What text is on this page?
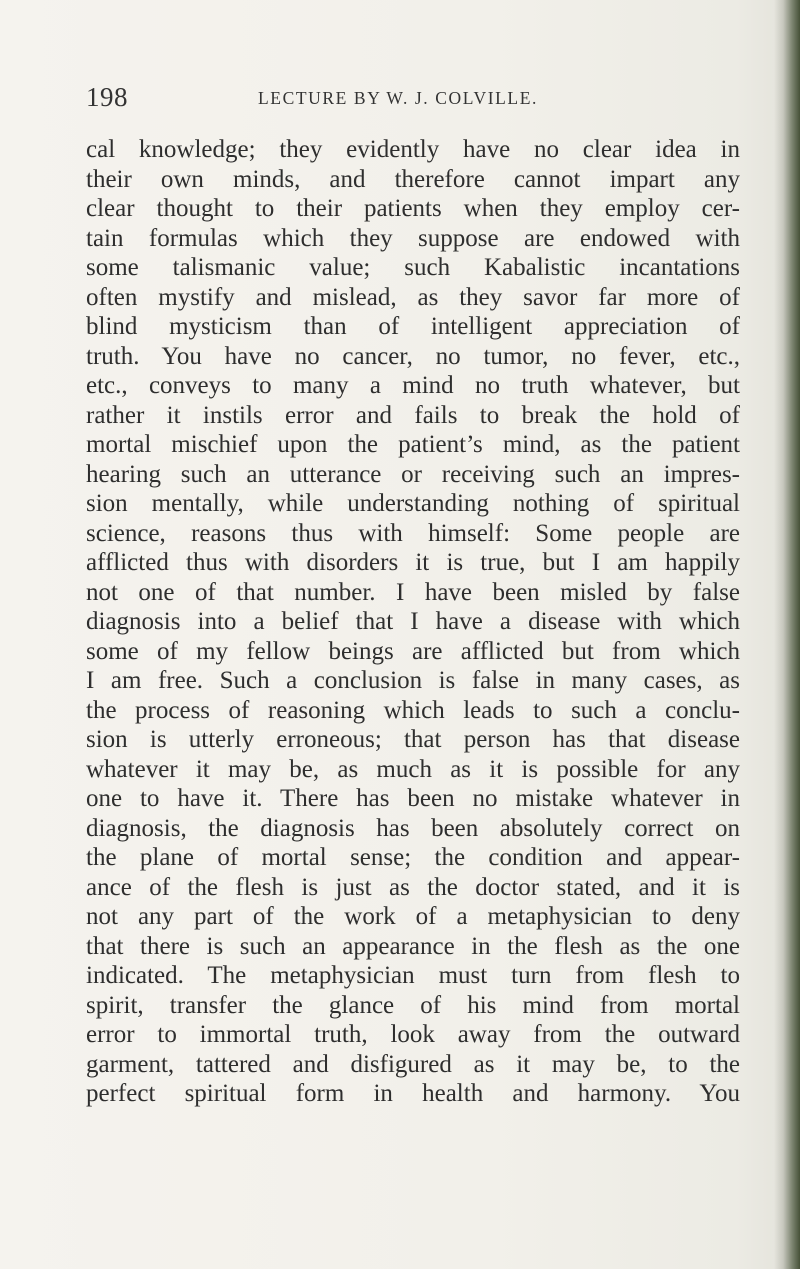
198	LECTURE BY W. J. COLVILLE.
cal knowledge; they evidently have no clear idea in
their own minds, and therefore cannot impart any
clear thought to their patients when they employ cer-
tain formulas which they suppose are endowed with
some talismanic value; such Kabalistic incantations
often mystify and mislead, as they savor far more of
blind mysticism than of intelligent appreciation of
truth. You have no cancer, no tumor, no fever, etc.,
etc., conveys to many a mind no truth whatever, but
rather it instils error and fails to break the hold of
mortal mischief upon the patient’s mind, as the patient
hearing such an utterance or receiving such an impres-
sion mentally, while understanding nothing of spiritual
science, reasons thus with himself: Some people are
afflicted thus with disorders it is true, but I am happily
not one of that number. I have been misled by false
diagnosis into a belief that I have a disease with which
some of my fellow beings are afflicted but from which
I am free. Such a conclusion is false in many cases, as
the process of reasoning which leads to such a conclu-
sion is utterly erroneous; that person has that disease
whatever it may be, as much as it is possible for any
one to have it. There has been no mistake whatever in
diagnosis, the diagnosis has been absolutely correct on
the plane of mortal sense; the condition and appear-
ance of the flesh is just as the doctor stated, and it is
not any part of the work of a metaphysician to deny
that there is such an appearance in the flesh as the one
indicated. The metaphysician must turn from flesh to
spirit, transfer the glance of his mind from mortal
error to immortal truth, look away from the outward
garment, tattered and disfigured as it may be, to the
perfect spiritual form in health and harmony. You
